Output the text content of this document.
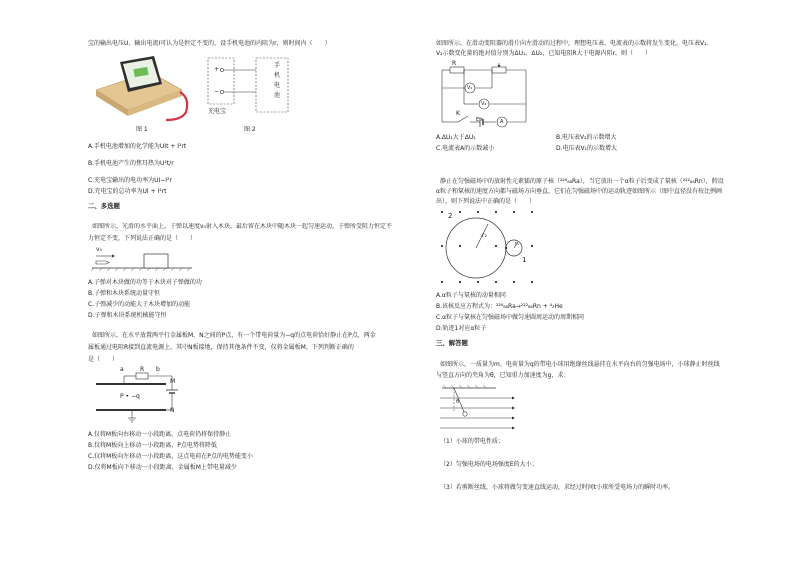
宝的输出电压U、输出电流I可认为是恒定不变的，设手机电池的内阻为r，则时间内（　　）
图 1
+
−
手
机
电
池
充电宝
图 2
A.手机电池增加的化学能为UIt + I²rt
B.手机电池产生的焦耳热为U²t/r
C.充电宝输出的电功率为UI−I²r
D.充电宝的总功率为UI + I²rt
二、多选题
如图所示，光滑的水平面上，子弹以速度v₀射入木块，最后留在木块中随木块一起匀速运动，子弹所受阻力恒定不　　
力恒定不变，下列说法正确的是（　　）
v₀
A.子弹对木块做的功等于木块对子弹做的功
B.子弹和木块系统动量守恒
C.子弹减少的动能大于木块增加的动能
D.子弹和木块系统机械能守恒
如图所示，在水平放置两平行金属板M、N之间的P点，有一个带电荷量为−q的点电荷恰好静止在P点，两金
属板通过电阻R接到直流电源上，其中N板接地，保持其他条件不变，仅将金属板M，下列判断正确的
是（　　）
a	R b
M
N
P • −q
A.仅将M板向右移动一小段距离，点电荷仍将保持静止
B.仅将M板向上移动一小段距离，P点电势将降低
C.仅将M板向左移动一小段距离，这点电荷在P点的电势能变小
D.仅将M板向下移动一小段距离，金属板M上带电量减少
如图所示，在滑动变阻器的滑片向左滑动的过程中，理想电压表、电流表的示数将发生变化，电压表V₁、
V₂示数变化量的绝对值分别为ΔU₁、ΔU₂，已知电阻R大于电源内阻r，则（　　）
R
V₁
V₂
K
E r	A
A.ΔU₁大于ΔU₂	B.电压表V₂的示数增大
C.电流表A的示数减小	D.电压表V₁的示数增大
静止在匀强磁场中的放射性元素镭的原子核（²²⁶₈₈Ra），当它放出一个α粒子后变成了氡核（²²²₈₆Rn），假设
α粒子和氡核的速度方向都与磁场方向垂直，它们在匀强磁场中的运动轨迹如图所示（图中直径没有按比例画
出），则下列说法中正确的是（　　）
2
1
r₂
r₁
A.α粒子与氡核的动量相同
B.该核反应方程式为：²²⁶₈₈Ra→²²²₈₆Rn + ⁴₂He
C.α粒子与氡核在匀强磁场中做匀速圆周运动的周期相同
D.轨迹1对应α粒子
三、解答题
如图所示，一质量为m、电荷量为q的带电小球用绝缘丝线悬挂在水平向右的匀强电场中，小球静止时丝线
与竖直方向的夹角为θ，已知重力加速度为g，求：
θ
（1）小球的带电性质；
（2）匀强电场的电场强度E的大小；
（3）若剪断丝线，小球将做匀变速直线运动，求经过时间t小球所受电场力的瞬时功率。
